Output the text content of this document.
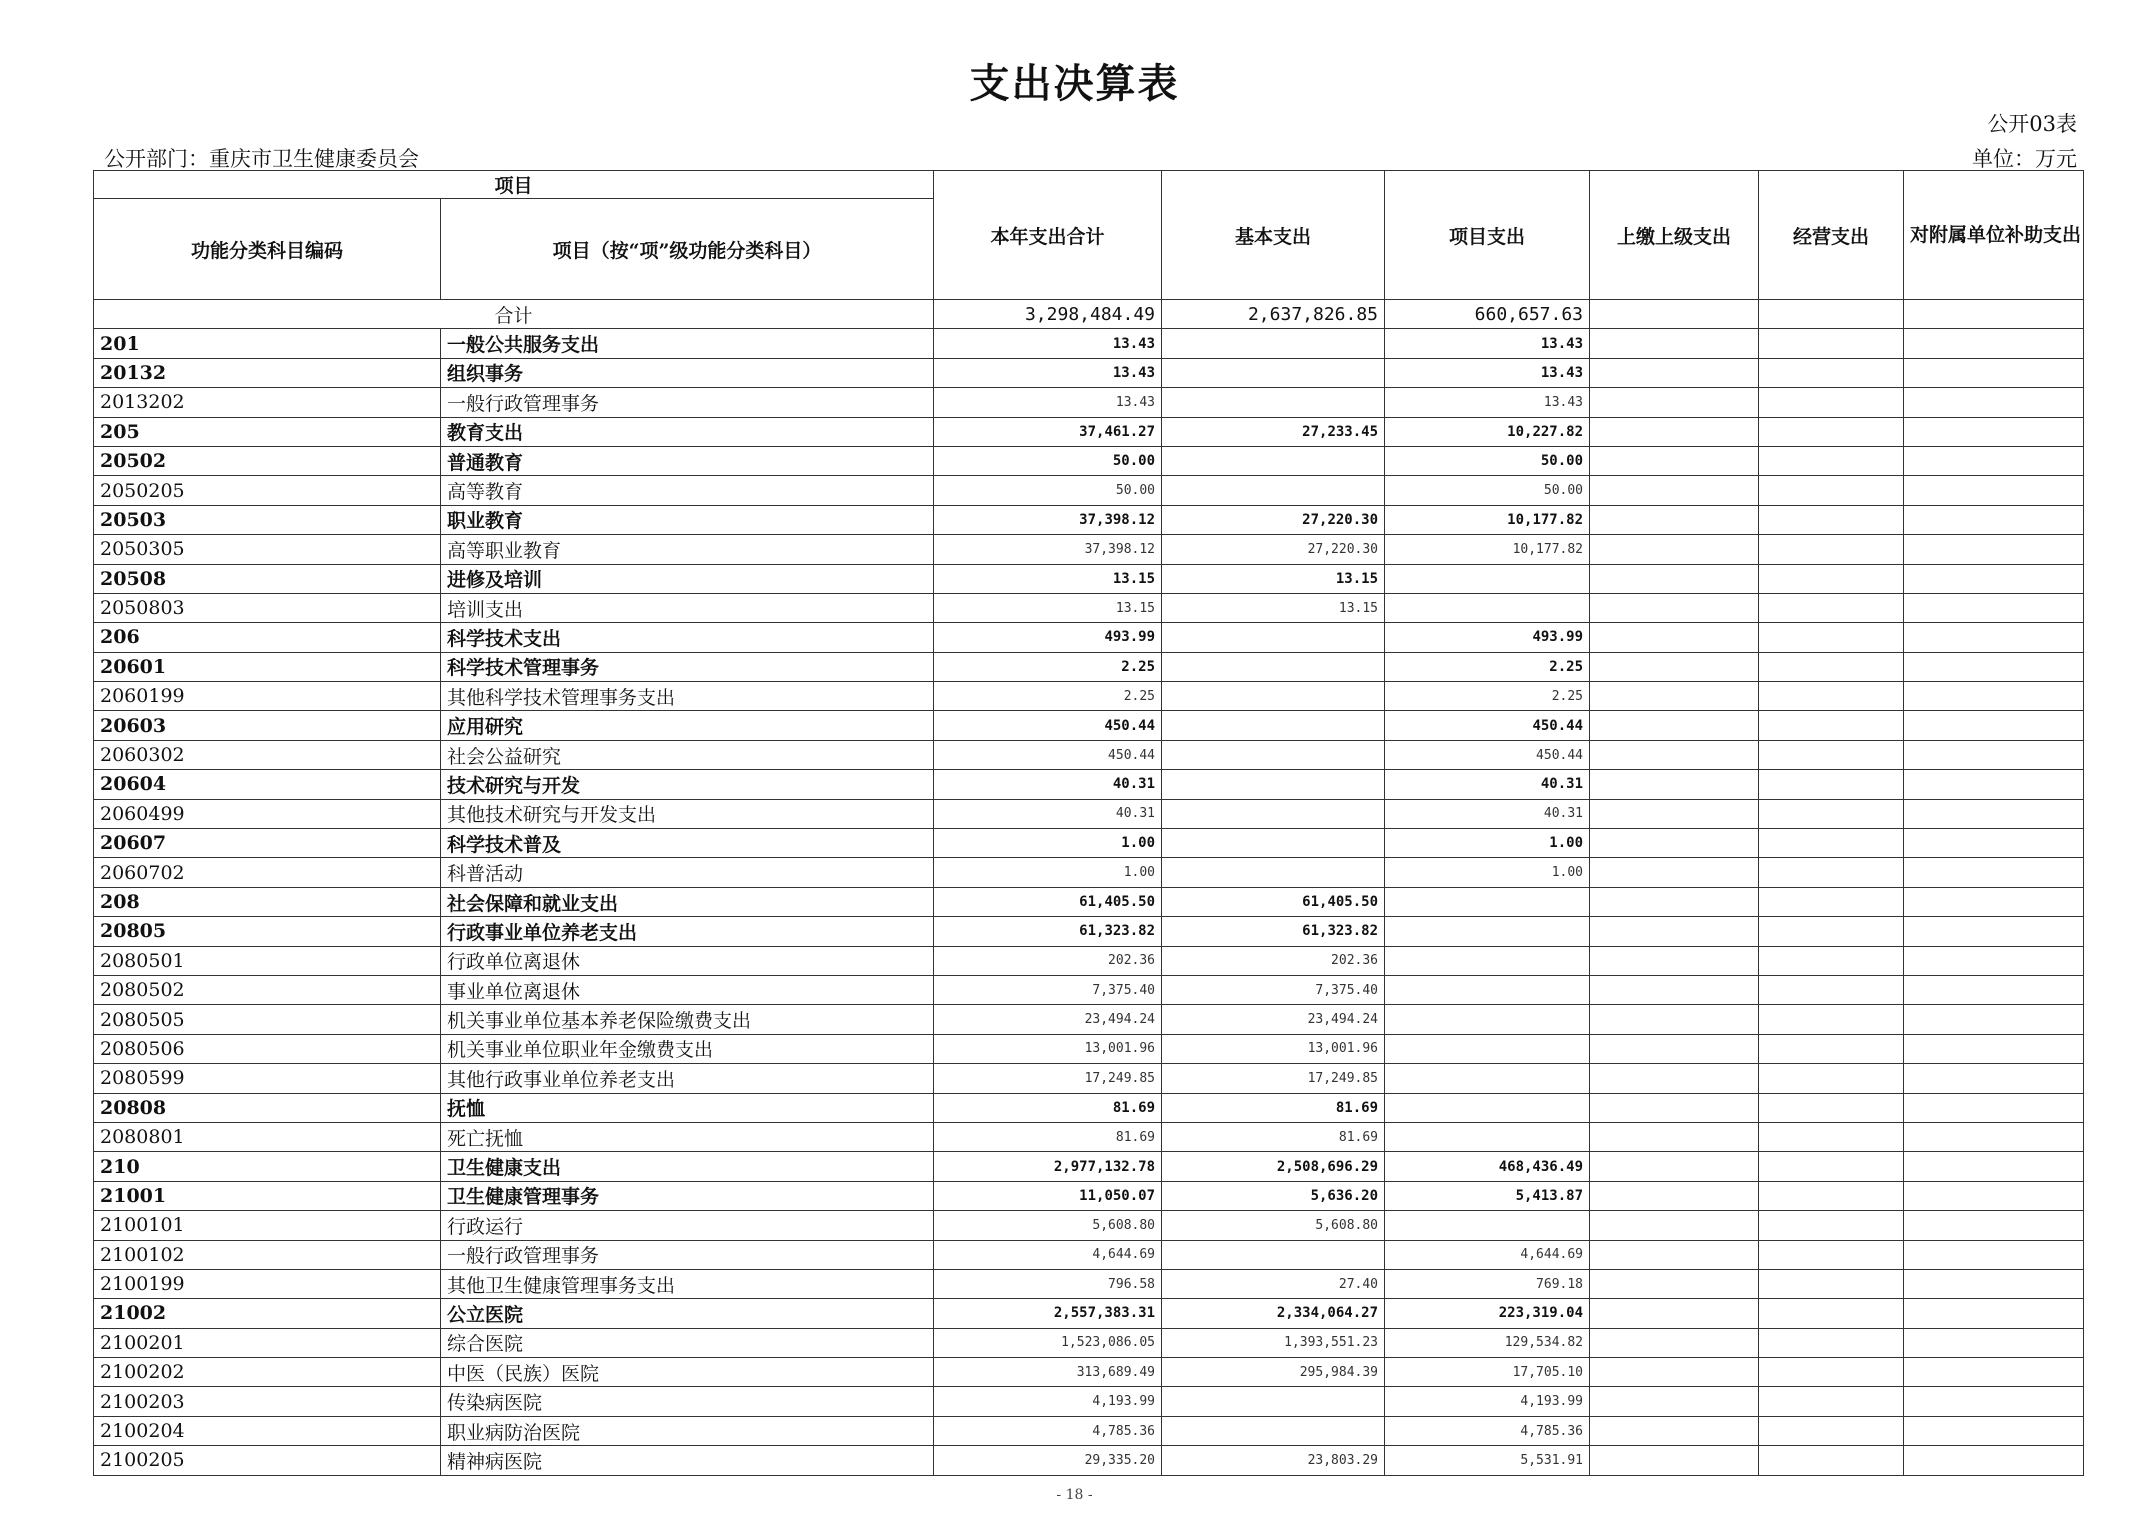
支出决算表
公开03表
公开部门：重庆市卫生健康委员会	单位：万元
项目		本年支出合计	基本支出	项目支出	上缴上级支出	经营支出	对附属单位补助支出
功能分类科目编码	项目（按“项”级功能分类科目）						
合计		3,298,484.49	2,637,826.85	660,657.63			
201	一般公共服务支出	13.43		13.43			
20132	组织事务	13.43		13.43			
2013202	一般行政管理事务	13.43		13.43			
205	教育支出	37,461.27	27,233.45	10,227.82			
20502	普通教育	50.00		50.00			
2050205	高等教育	50.00		50.00			
20503	职业教育	37,398.12	27,220.30	10,177.82			
2050305	高等职业教育	37,398.12	27,220.30	10,177.82			
20508	进修及培训	13.15	13.15				
2050803	培训支出	13.15	13.15				
206	科学技术支出	493.99		493.99			
20601	科学技术管理事务	2.25		2.25			
2060199	其他科学技术管理事务支出	2.25		2.25			
20603	应用研究	450.44		450.44			
2060302	社会公益研究	450.44		450.44			
20604	技术研究与开发	40.31		40.31			
2060499	其他技术研究与开发支出	40.31		40.31			
20607	科学技术普及	1.00		1.00			
2060702	科普活动	1.00		1.00			
208	社会保障和就业支出	61,405.50	61,405.50				
20805	行政事业单位养老支出	61,323.82	61,323.82				
2080501	行政单位离退休	202.36	202.36				
2080502	事业单位离退休	7,375.40	7,375.40				
2080505	机关事业单位基本养老保险缴费支出	23,494.24	23,494.24				
2080506	机关事业单位职业年金缴费支出	13,001.96	13,001.96				
2080599	其他行政事业单位养老支出	17,249.85	17,249.85				
20808	抚恤	81.69	81.69				
2080801	死亡抚恤	81.69	81.69				
210	卫生健康支出	2,977,132.78	2,508,696.29	468,436.49			
21001	卫生健康管理事务	11,050.07	5,636.20	5,413.87			
2100101	行政运行	5,608.80	5,608.80				
2100102	一般行政管理事务	4,644.69		4,644.69			
2100199	其他卫生健康管理事务支出	796.58	27.40	769.18			
21002	公立医院	2,557,383.31	2,334,064.27	223,319.04			
2100201	综合医院	1,523,086.05	1,393,551.23	129,534.82			
2100202	中医（民族）医院	313,689.49	295,984.39	17,705.10			
2100203	传染病医院	4,193.99		4,193.99			
2100204	职业病防治医院	4,785.36		4,785.36			
2100205	精神病医院	29,335.20	23,803.29	5,531.91			
- 18 -
